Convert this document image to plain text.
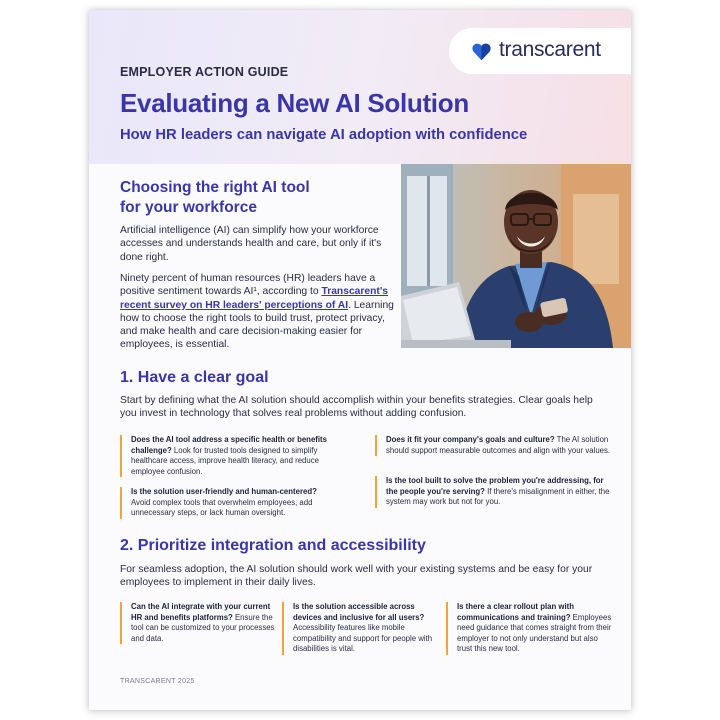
transcarent
EMPLOYER ACTION GUIDE
Evaluating a New AI Solution
How HR leaders can navigate AI adoption with confidence
Choosing the right AI tool
for your workforce

Artificial intelligence (AI) can simplify how your workforce accesses and understands health and care, but only if it's done right.

Ninety percent of human resources (HR) leaders have a positive sentiment towards AI¹, according to Transcarent's recent survey on HR leaders' perceptions of AI. Learning how to choose the right tools to build trust, protect privacy, and make health and care decision-making easier for employees, is essential.

1. Have a clear goal

Start by defining what the AI solution should accomplish within your benefits strategies. Clear goals help you invest in technology that solves real problems without adding confusion.

Does the AI tool address a specific health or benefits challenge? Look for trusted tools designed to simplify healthcare access, improve health literacy, and reduce employee confusion.
Is the solution user-friendly and human-centered? Avoid complex tools that overwhelm employees, add unnecessary steps, or lack human oversight.
Does it fit your company's goals and culture? The AI solution should support measurable outcomes and align with your values.
Is the tool built to solve the problem you're addressing, for the people you're serving? If there's misalignment in either, the system may work but not for you.
2. Prioritize integration and accessibility

For seamless adoption, the AI solution should work well with your existing systems and be easy for your employees to implement in their daily lives.

Can the AI integrate with your current HR and benefits platforms? Ensure the tool can be customized to your processes and data.
Is the solution accessible across devices and inclusive for all users? Accessibility features like mobile compatibility and support for people with disabilities is vital.
Is there a clear rollout plan with communications and training? Employees need guidance that comes straight from their employer to not only understand but also trust this new tool.
TRANSCARENT 2025
